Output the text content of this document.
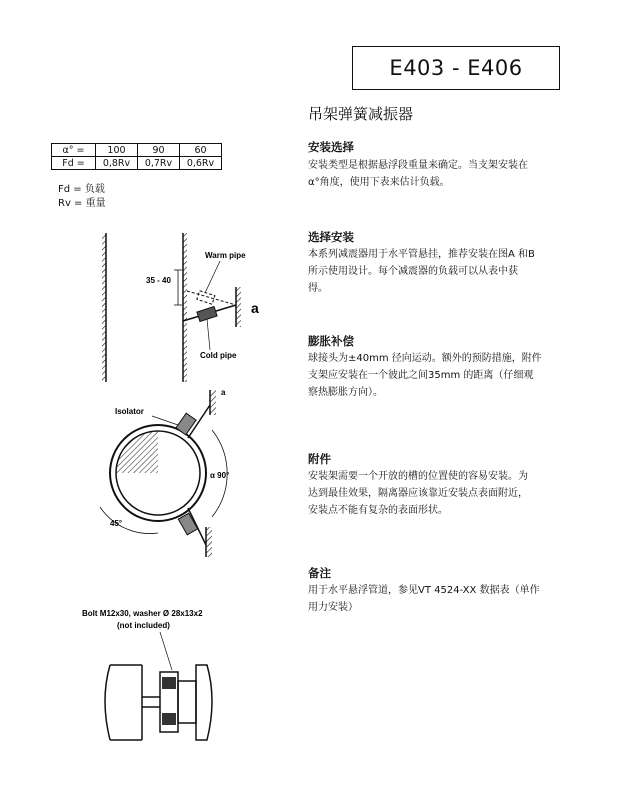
E403 - E406
吊架弹簧减振器
α° =	100	90	60
Fd =	0,8Rv	0,7Rv	0,6Rv
Fd = 负载
Rv = 重量
安装选择
安装类型是根据悬浮段重量来确定。当支架安装在
α°角度，使用下表来估计负载。
选择安装
本系列减震器用于水平管悬挂，推荐安装在图A 和B
所示使用设计。每个减震器的负载可以从表中获
得。
膨胀补偿
球接头为±40mm 径向运动。额外的预防措施，附件
支架应安装在一个彼此之间35mm 的距离（仔细观
察热膨胀方向）。
附件
安装架需要一个开放的槽的位置使的容易安装。为
达到最佳效果，隔离器应该靠近安装点表面附近，
安装点不能有复杂的表面形状。
备注
用于水平悬浮管道，参见VT 4524-XX 数据表（单作
用力安装）
35 - 40
Warm pipe
Cold pipe
a
a
α 90°
45°
Isolator
Bolt M12x30, washer Ø 28x13x2
(not included)
